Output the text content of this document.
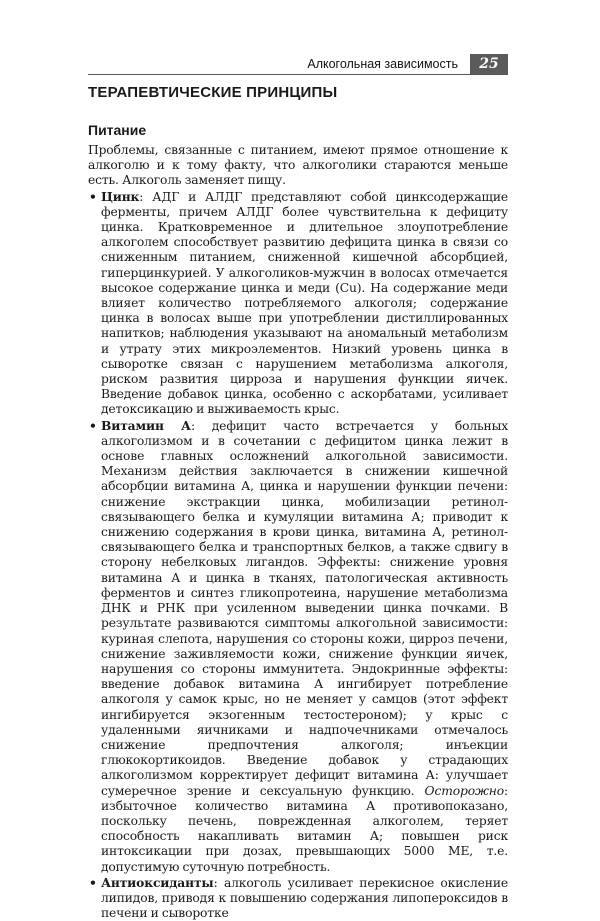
Алкогольная зависимость	25
ТЕРАПЕВТИЧЕСКИЕ ПРИНЦИПЫ
Питание

Проблемы, связанные с питанием, имеют прямое отношение к алкоголю и к тому факту, что алкоголики стараются меньше есть. Алкоголь заменяет пищу.

• Цинк: АДГ и АЛДГ представляют собой цинксодержащие ферменты, причем АЛДГ более чувствительна к дефициту цинка. Кратковременное и длительное злоупотребление алкоголем способствует развитию дефицита цинка в связи со сниженным питанием, сниженной кишечной абсорбцией, гиперцинкурией. У алкоголиков-мужчин в волосах отмечается высокое содержание цинка и меди (Cu). На содержание меди влияет количество потребляемого алкоголя; содержание цинка в волосах выше при употреблении дистиллированных напитков; наблюдения указывают на аномальный метаболизм и утрату этих микроэлементов. Низкий уровень цинка в сыворотке связан с нарушением метаболизма алкоголя, риском развития цирроза и нарушения функции яичек. Введение добавок цинка, особенно с аскорбатами, усиливает детоксикацию и выживаемость крыс.

• Витамин А: дефицит часто встречается у больных алкоголизмом и в сочетании с дефицитом цинка лежит в основе главных осложнений алкогольной зависимости. Механизм действия заключается в снижении кишечной абсорбции витамина А, цинка и нарушении функции печени: снижение экстракции цинка, мобилизации ретинол-связывающего белка и кумуляции витамина А; приводит к снижению содержания в крови цинка, витамина А, ретинол-связывающего белка и транспортных белков, а также сдвигу в сторону небелковых лигандов. Эффекты: снижение уровня витамина А и цинка в тканях, патологическая активность ферментов и синтез гликопротеина, нарушение метаболизма ДНК и РНК при усиленном выведении цинка почками. В результате развиваются симптомы алкогольной зависимости: куриная слепота, нарушения со стороны кожи, цирроз печени, снижение заживляемости кожи, снижение функции яичек, нарушения со стороны иммунитета. Эндокринные эффекты: введение добавок витамина А ингибирует потребление алкоголя у самок крыс, но не меняет у самцов (этот эффект ингибируется экзогенным тестостероном); у крыс с удаленными яичниками и надпочечниками отмечалось снижение предпочтения алкоголя; инъекции глюкокортикоидов. Введение добавок у страдающих алкоголизмом корректирует дефицит витамина А: улучшает сумеречное зрение и сексуальную функцию. Осторожно: избыточное количество витамина А противопоказано, поскольку печень, поврежденная алкоголем, теряет способность накапливать витамин А; повышен риск интоксикации при дозах, превышающих 5000 МЕ, т.е. допустимую суточную потребность.

• Антиоксиданты: алкоголь усиливает перекисное окисление липидов, приводя к повышению содержания липопероксидов в печени и сыворотке
